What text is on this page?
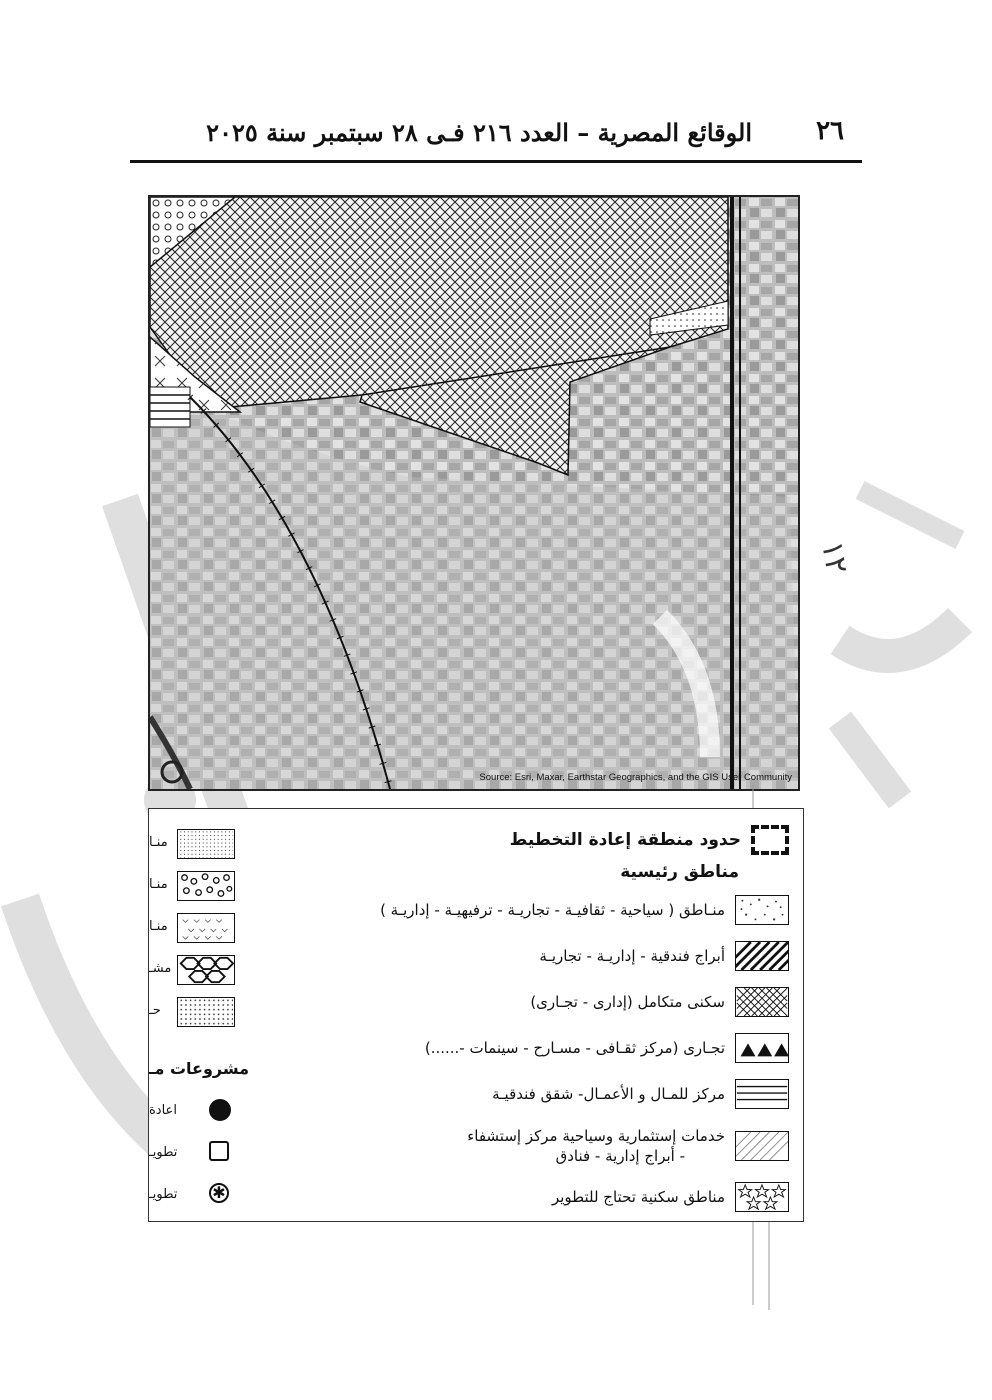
٢٦
الوقائع المصرية – العدد ٢١٦ فـى ٢٨ سبتمبر سنة ٢٠٢٥
Source: Esri, Maxar, Earthstar Geographics, and the GIS User Community
١٢
حدود منطقة إعادة التخطيط
مناطق رئيسية
منـاطق ( سياحية - ثقافيـة - تجاريـة - ترفيهيـة - إداريـة )
أبراج فندقية - إداريـة - تجاريـة
سكنى متكامل (إدارى - تجـارى)
تجـارى (مركز ثقـافى - مسـارح - سينمات -......)
مركز للمـال و الأعمـال- شقق فندقيـة
خدمات إستثمارية وسياحية مركز إستشفاء
- أبراج إدارية - فنادق
مناطق سكنية تحتاج للتطوير
منـا
منـا
منـا
مشـ
حـ
مشروعات مـ
اعادة
تطويـ
✱
تطويـ
